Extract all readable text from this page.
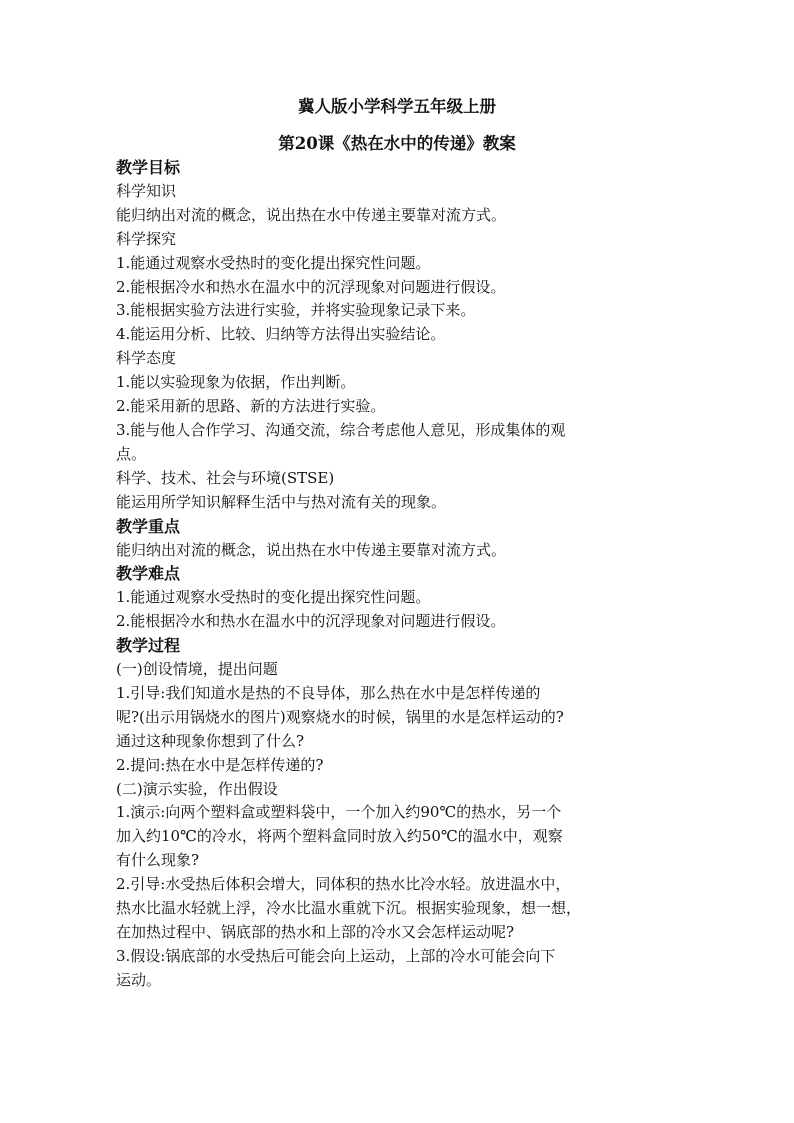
冀人版小学科学五年级上册
第20课《热在水中的传递》教案
教学目标
科学知识
能归纳出对流的概念，说出热在水中传递主要靠对流方式。
科学探究
1.能通过观察水受热时的变化提出探究性问题。
2.能根据冷水和热水在温水中的沉浮现象对问题进行假设。
3.能根据实验方法进行实验，并将实验现象记录下来。
4.能运用分析、比较、归纳等方法得出实验结论。
科学态度
1.能以实验现象为依据，作出判断。
2.能采用新的思路、新的方法进行实验。
3.能与他人合作学习、沟通交流，综合考虑他人意见，形成集体的观
点。
科学、技术、社会与环境(STSE)
能运用所学知识解释生活中与热对流有关的现象。
教学重点
能归纳出对流的概念，说出热在水中传递主要靠对流方式。
教学难点
1.能通过观察水受热时的变化提出探究性问题。
2.能根据冷水和热水在温水中的沉浮现象对问题进行假设。
教学过程
(一)创设情境，提出问题
1.引导:我们知道水是热的不良导体，那么热在水中是怎样传递的
呢?(出示用锅烧水的图片)观察烧水的时候，锅里的水是怎样运动的?
通过这种现象你想到了什么?
2.提问:热在水中是怎样传递的?
(二)演示实验，作出假设
1.演示:向两个塑料盒或塑料袋中，一个加入约90℃的热水，另一个
加入约10℃的冷水，将两个塑料盒同时放入约50℃的温水中，观察
有什么现象?
2.引导:水受热后体积会增大，同体积的热水比冷水轻。放进温水中，
热水比温水轻就上浮，冷水比温水重就下沉。根据实验现象，想一想，
在加热过程中、锅底部的热水和上部的冷水又会怎样运动呢?
3.假设:锅底部的水受热后可能会向上运动，上部的冷水可能会向下
运动。
